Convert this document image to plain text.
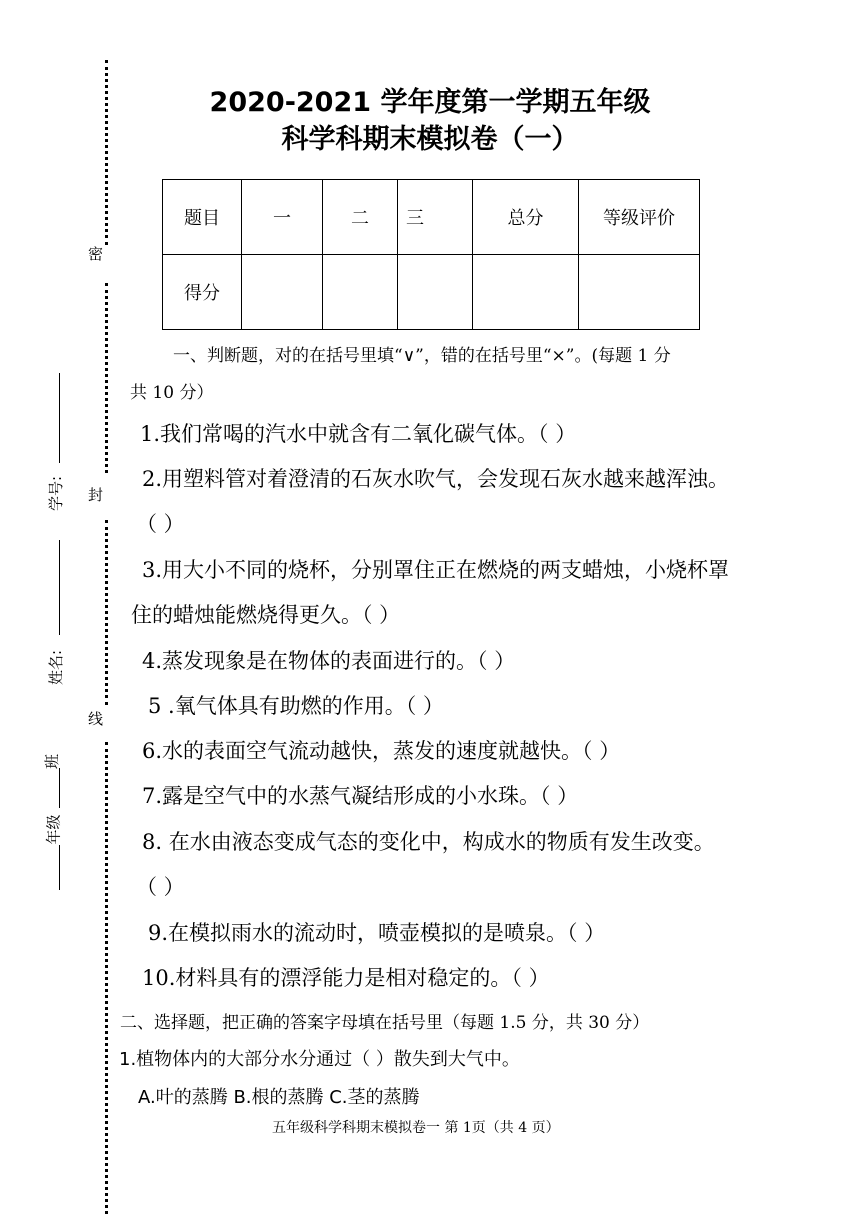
密
封
线
学号:
姓名:
班
年级
2020-2021 学年度第一学期五年级
科学科期末模拟卷（一）
题目	一	二	三	总分	等级评价
得分					
一、判断题，对的在括号里填“∨”，错的在括号里“×”。(每题 1 分
共 10 分）
1.我们常喝的汽水中就含有二氧化碳气体。（ ）
2.用塑料管对着澄清的石灰水吹气，会发现石灰水越来越浑浊。
（ ）
3.用大小不同的烧杯，分别罩住正在燃烧的两支蜡烛，小烧杯罩
住的蜡烛能燃烧得更久。（ ）
4.蒸发现象是在物体的表面进行的。（ ）
5 .氧气体具有助燃的作用。（ ）
6.水的表面空气流动越快，蒸发的速度就越快。（ ）
7.露是空气中的水蒸气凝结形成的小水珠。（ ）
8. 在水由液态变成气态的变化中，构成水的物质有发生改变。
（ ）
9.在模拟雨水的流动时，喷壶模拟的是喷泉。（ ）
10.材料具有的漂浮能力是相对稳定的。（ ）
二、选择题，把正确的答案字母填在括号里（每题 1.5 分，共 30 分）
1.植物体内的大部分水分通过（ ）散失到大气中。
A.叶的蒸腾 B.根的蒸腾 C.茎的蒸腾
五年级科学科期末模拟卷一 第 1页（共 4 页）
